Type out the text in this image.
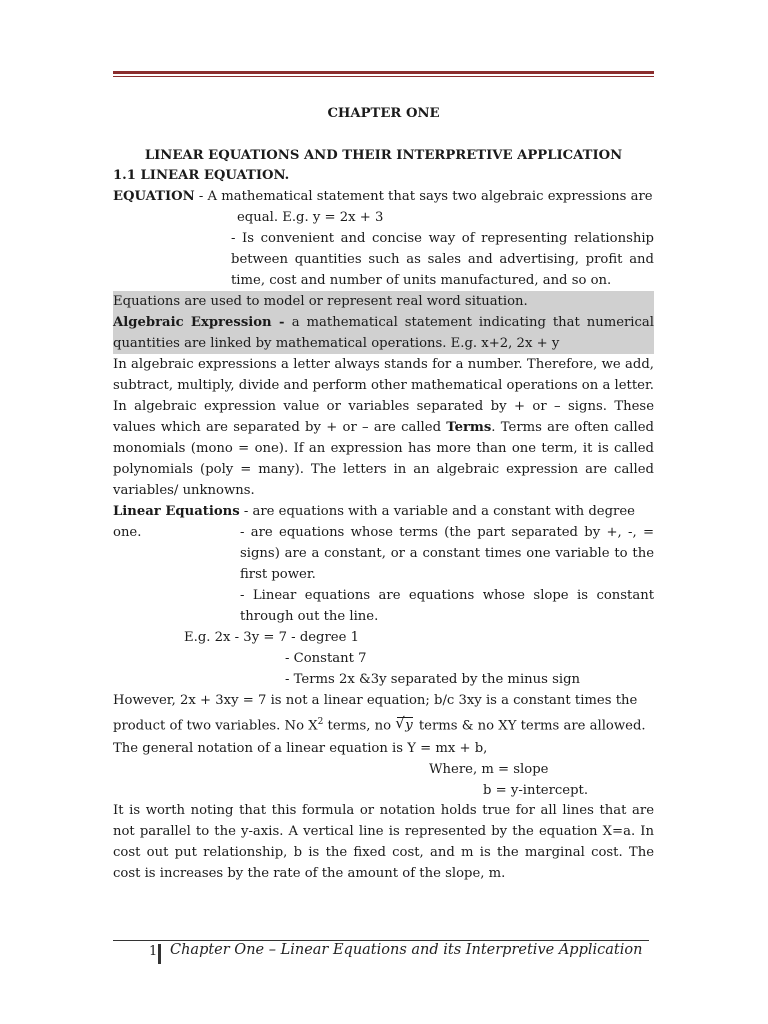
CHAPTER ONE
LINEAR EQUATIONS AND THEIR INTERPRETIVE APPLICATION
1.1 LINEAR EQUATION.
EQUATION - A mathematical statement that says two algebraic expressions are
equal. E.g. y = 2x + 3
- Is convenient and concise way of representing relationship between quantities such as sales and advertising, profit and time, cost and number of units manufactured, and so on.
Equations are used to model or represent real word situation.
Algebraic Expression - a mathematical statement indicating that numerical quantities are linked by mathematical operations. E.g. x+2, 2x + y
In algebraic expressions a letter always stands for a number. Therefore, we add, subtract, multiply, divide and perform other mathematical operations on a letter. In algebraic expression value or variables separated by + or – signs. These values which are separated by + or – are called Terms. Terms are often called monomials (mono = one). If an expression has more than one term, it is called polynomials (poly = many). The letters in an algebraic expression are called variables/ unknowns.
Linear Equations - are equations with a variable and a constant with degree one.	- are equations whose terms (the part separated by +, -, = signs) are a constant, or a constant times one variable to the first power.
- Linear equations are equations whose slope is constant through out the line.
E.g. 2x - 3y = 7 - degree 1
- Constant 7
- Terms 2x &3y separated by the minus sign
However, 2x + 3xy = 7 is not a linear equation; b/c 3xy is a constant times the
product of two variables. No $X^2$ terms, no √ y terms & no XY terms are allowed.
The general notation of a linear equation is Y = mx + b,
Where, m = slope
b = y-intercept.
It is worth noting that this formula or notation holds true for all lines that are not parallel to the y-axis. A vertical line is represented by the equation X=a. In cost out put relationship, b is the fixed cost, and m is the marginal cost. The cost is increases by the rate of the amount of the slope, m.
1 Chapter One – Linear Equations and its Interpretive Application
